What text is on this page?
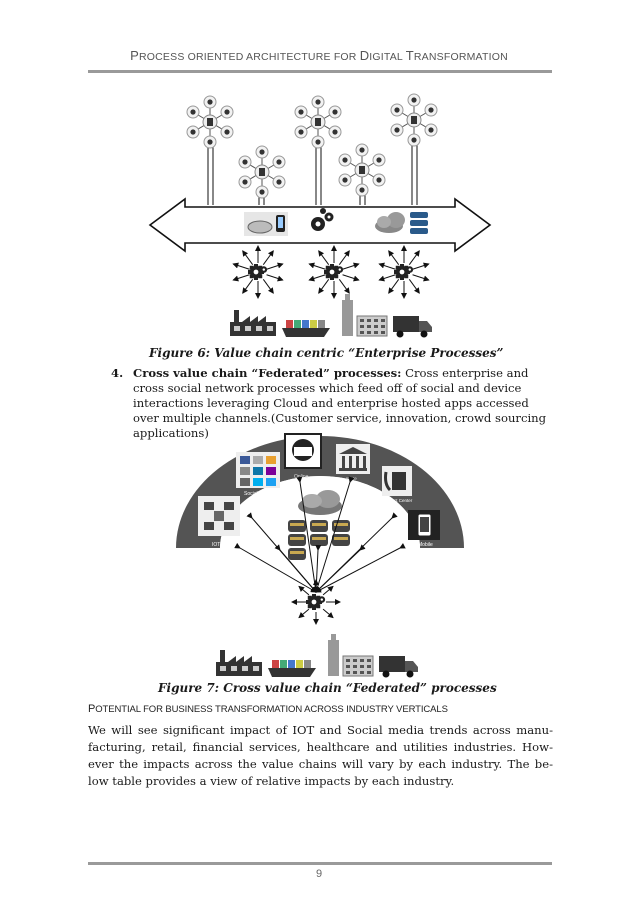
PROCESS ORIENTED ARCHITECTURE FOR DIGITAL TRANSFORMATION
Figure 6: Value chain centric “Enterprise Processes”
4. Cross value chain “Federated” processes: Cross enterprise and cross social network processes which feed off of social and device interactions leveraging Cloud and enterprise hosted apps accessed over multiple channels.(Customer service, innovation, crowd sourcing applications)
Social Media
Online	Store
Contact Center
IOT	Mobile
Figure 7: Cross value chain “Federated” processes
POTENTIAL FOR BUSINESS TRANSFORMATION ACROSS INDUSTRY VERTICALS
We will see significant impact of IOT and Social media trends across manu-facturing, retail, financial services, healthcare and utilities industries. How-ever the impacts across the value chains will vary by each industry. The be-low table provides a view of relative impacts by each industry.
9
